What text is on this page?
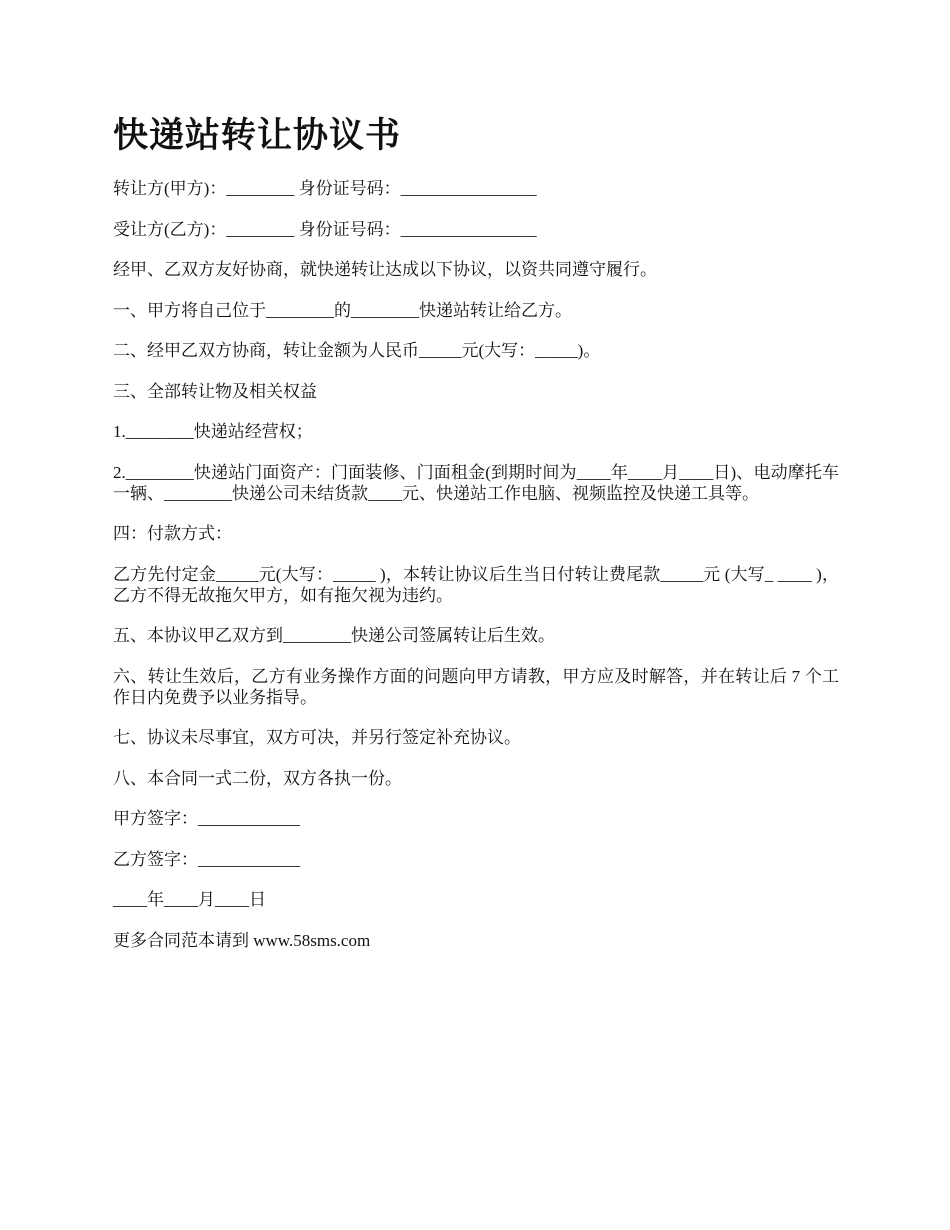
快递站转让协议书

转让方(甲方)：________ 身份证号码：________________

受让方(乙方)：________ 身份证号码：________________

经甲、乙双方友好协商，就快递转让达成以下协议，以资共同遵守履行。

一、甲方将自己位于________的________快递站转让给乙方。

二、经甲乙双方协商，转让金额为人民币_____元(大写：_____)。

三、全部转让物及相关权益

1.________快递站经营权；

2.________快递站门面资产：门面装修、门面租金(到期时间为____年____月____日)、电动摩托车一辆、________快递公司未结货款____元、快递站工作电脑、视频监控及快递工具等。

四：付款方式：

乙方先付定金_____元(大写：_____ )，本转让协议后生当日付转让费尾款_____元 (大写_ ____ )，乙方不得无故拖欠甲方，如有拖欠视为违约。

五、本协议甲乙双方到________快递公司签属转让后生效。

六、转让生效后，乙方有业务操作方面的问题向甲方请教，甲方应及时解答，并在转让后 7 个工作日内免费予以业务指导。

七、协议未尽事宜，双方可决，并另行签定补充协议。

八、本合同一式二份，双方各执一份。

甲方签字：____________

乙方签字：____________

____年____月____日

更多合同范本请到 www.58sms.com
